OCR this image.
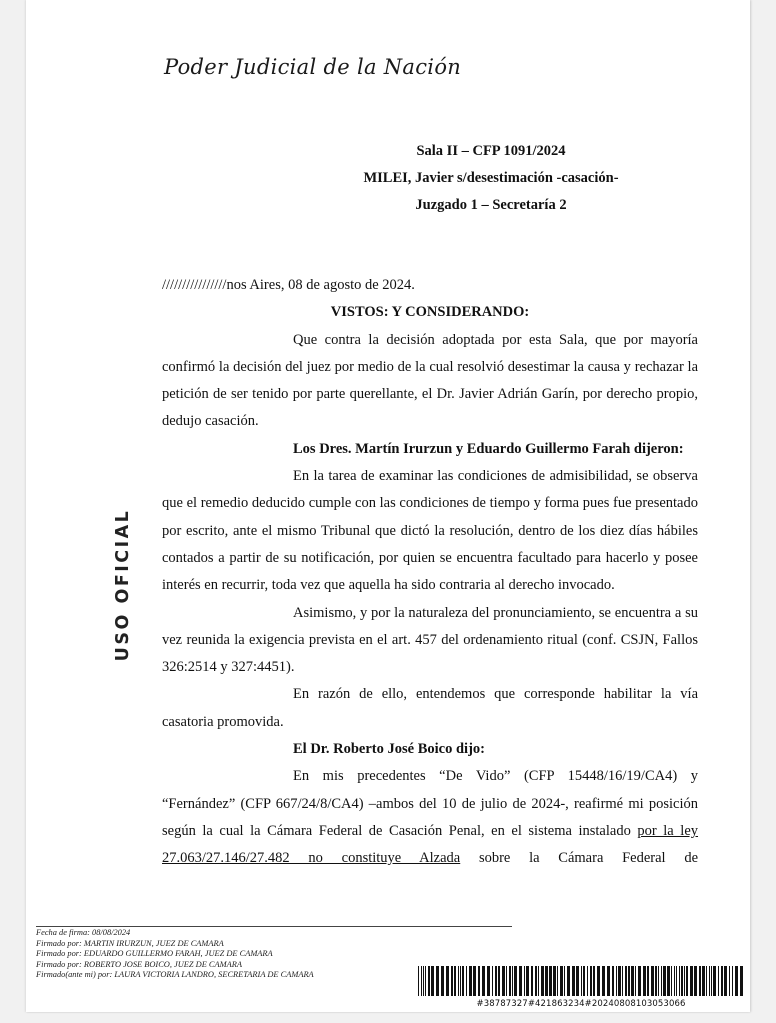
Poder Judicial de la Nación
Sala II – CFP 1091/2024
MILEI, Javier s/desestimación -casación-
Juzgado 1 – Secretaría 2
USO OFICIAL

////////////////nos Aires, 08 de agosto de 2024.

VISTOS: Y CONSIDERANDO:

Que contra la decisión adoptada por esta Sala, que por mayoría confirmó la decisión del juez por medio de la cual resolvió desestimar la causa y rechazar la petición de ser tenido por parte querellante, el Dr. Javier Adrián Garín, por derecho propio, dedujo casación.

Los Dres. Martín Irurzun y Eduardo Guillermo Farah dijeron:

En la tarea de examinar las condiciones de admisibilidad, se observa que el remedio deducido cumple con las condiciones de tiempo y forma pues fue presentado por escrito, ante el mismo Tribunal que dictó la resolución, dentro de los diez días hábiles contados a partir de su notificación, por quien se encuentra facultado para hacerlo y posee interés en recurrir, toda vez que aquella ha sido contraria al derecho invocado.

Asimismo, y por la naturaleza del pronunciamiento, se encuentra a su vez reunida la exigencia prevista en el art. 457 del ordenamiento ritual (conf. CSJN, Fallos 326:2514 y 327:4451).

En razón de ello, entendemos que corresponde habilitar la vía casatoria promovida.

El Dr. Roberto José Boico dijo:

En mis precedentes “De Vido” (CFP 15448/16/19/CA4) y “Fernández” (CFP 667/24/8/CA4) –ambos del 10 de julio de 2024-, reafirmé mi posición según la cual la Cámara Federal de Casación Penal, en el sistema instalado por la ley 27.063/27.146/27.482 no constituye Alzada sobre la Cámara Federal de

Fecha de firma: 08/08/2024
Firmado por: MARTIN IRURZUN, JUEZ DE CAMARA
Firmado por: EDUARDO GUILLERMO FARAH, JUEZ DE CAMARA
Firmado por: ROBERTO JOSE BOICO, JUEZ DE CAMARA
Firmado(ante mi) por: LAURA VICTORIA LANDRO, SECRETARIA DE CAMARA
#38787327#421863234#20240808103053066
